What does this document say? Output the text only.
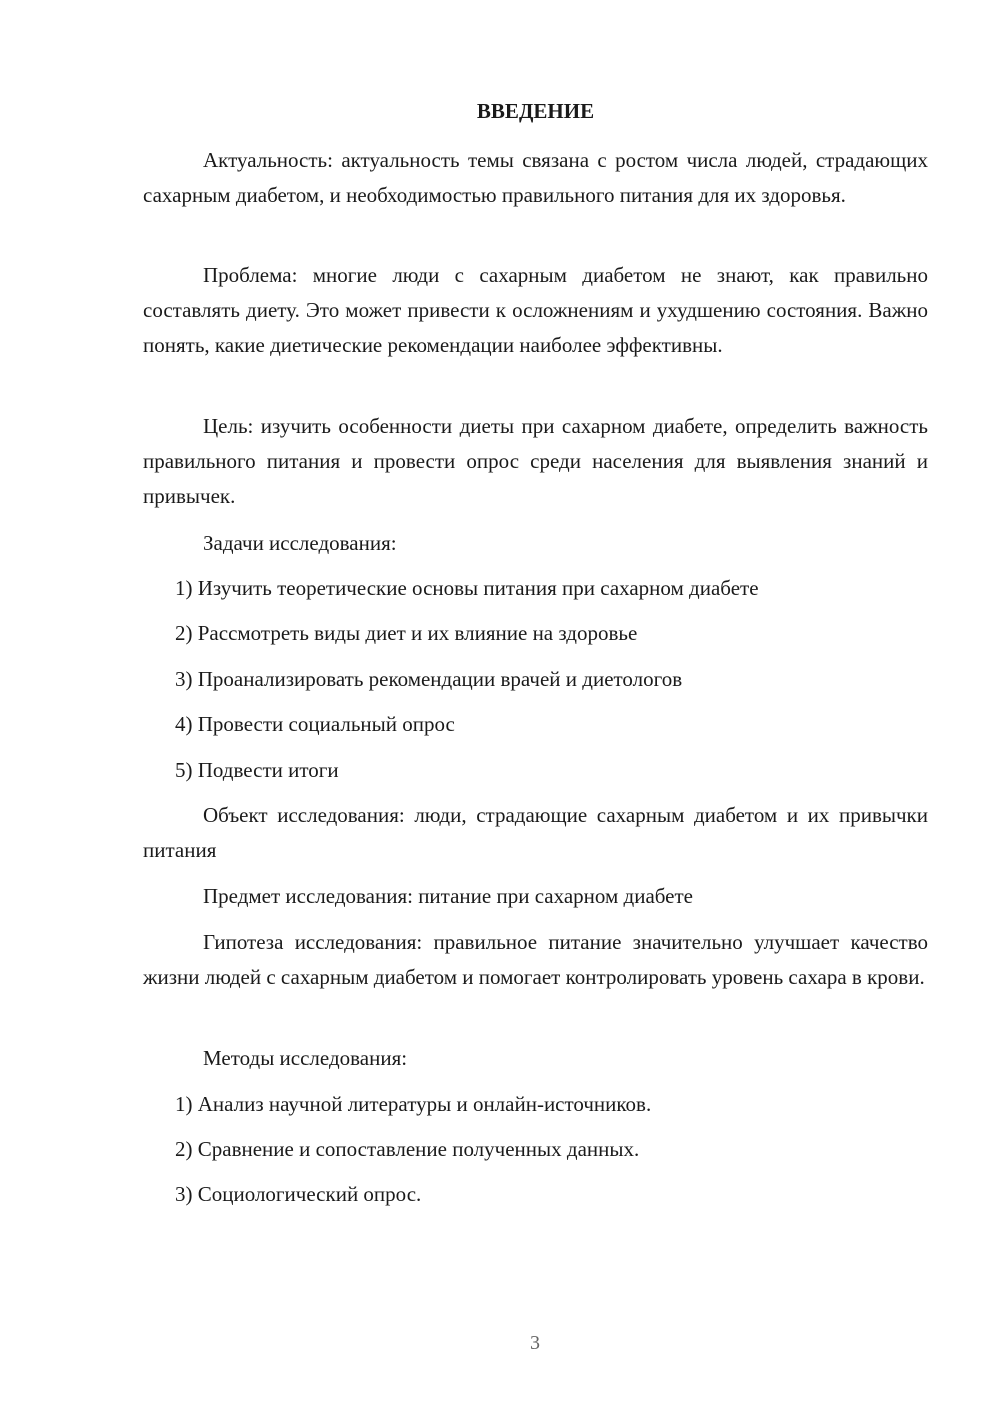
ВВЕДЕНИЕ

Актуальность: актуальность темы связана с ростом числа людей, страдающих сахарным диабетом, и необходимостью правильного питания для их здоровья.

Проблема: многие люди с сахарным диабетом не знают, как правильно составлять диету. Это может привести к осложнениям и ухудшению состояния. Важно понять, какие диетические рекомендации наиболее эффективны.

Цель: изучить особенности диеты при сахарном диабете, определить важность правильного питания и провести опрос среди населения для выявления знаний и привычек.

Задачи исследования:

1) Изучить теоретические основы питания при сахарном диабете

2) Рассмотреть виды диет и их влияние на здоровье

3) Проанализировать рекомендации врачей и диетологов

4) Провести социальный опрос

5) Подвести итоги

Объект исследования: люди, страдающие сахарным диабетом и их привычки питания

Предмет исследования: питание при сахарном диабете

Гипотеза исследования: правильное питание значительно улучшает качество жизни людей с сахарным диабетом и помогает контролировать уровень сахара в крови.

Методы исследования:

1) Анализ научной литературы и онлайн-источников.

2) Сравнение и сопоставление полученных данных.

3) Социологический опрос.

3
